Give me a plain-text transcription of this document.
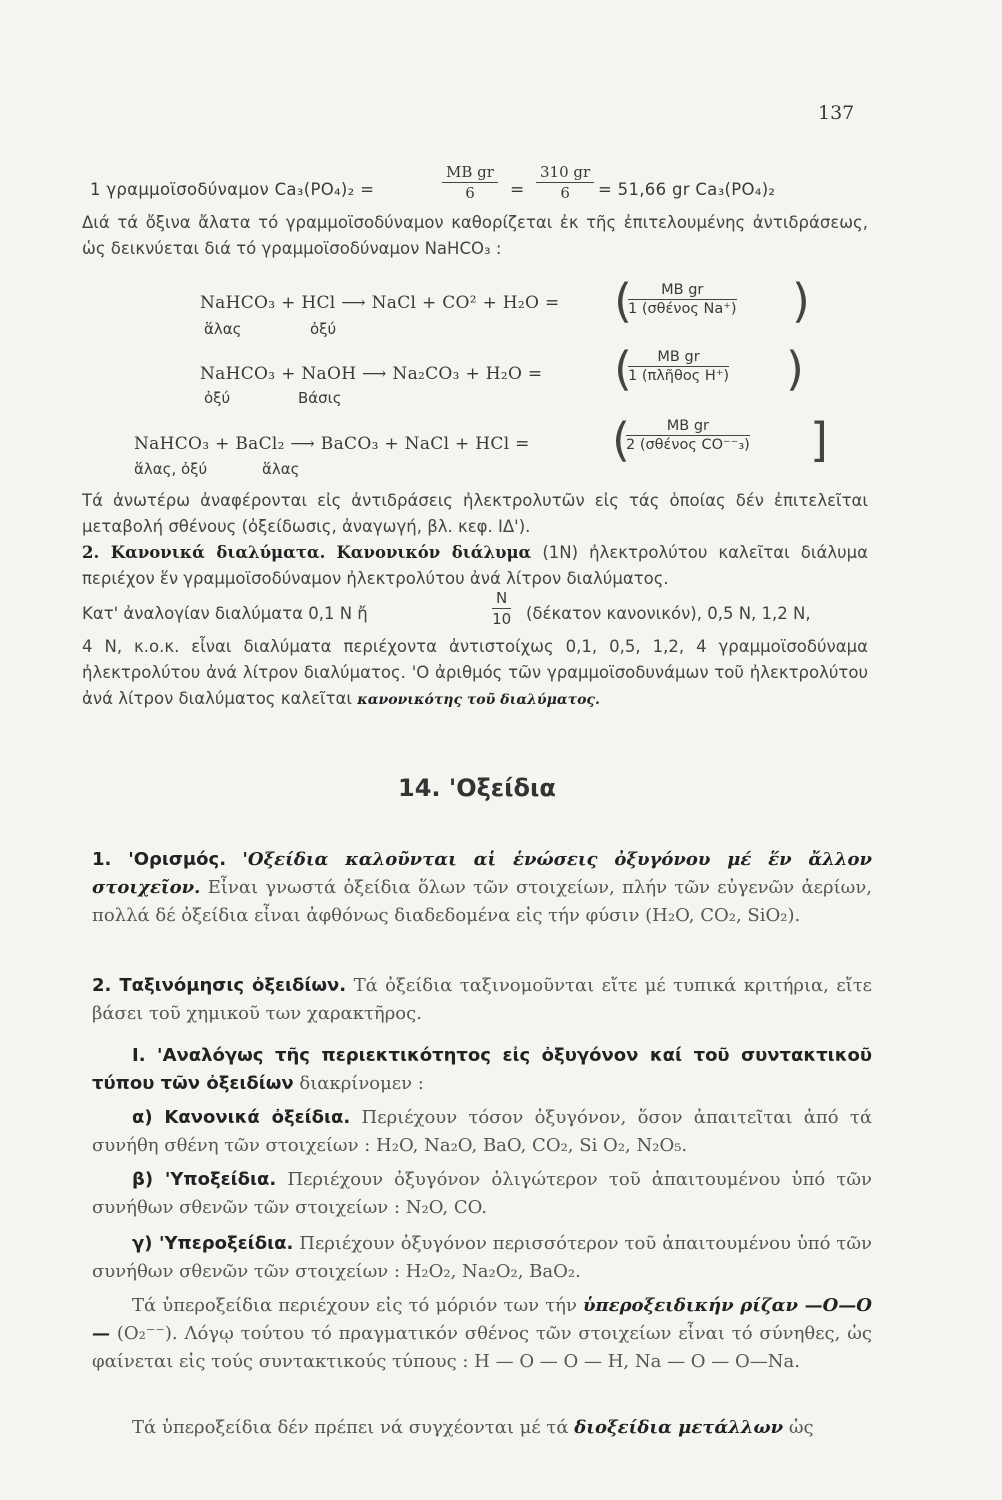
137
1 γραμμοϊσοδύναμον Ca₃(PO₄)₂ =	$\frac{\text{MB gr}}{6} = \frac{310 gr}{6} = 51,66$ gr Ca₃(PO₄)₂
Διά τά ὄξινα ἄλατα τό γραμμοϊσοδύναμον καθορίζεται ἐκ τῆς ἐπιτελουμένης ἀντιδράσεως, ὡς δεικνύεται διά τό γραμμοϊσοδύναμον NaHCO₃ :
NaHCO₃ + HCl ⟶ NaCl + CO² + H₂O = (	MB gr
1 (σθένος Na⁺) )
ἅλας	ὀξύ
NaHCO₃ + NaOH ⟶ Na₂CO₃ + H₂O = (	MB gr
1 (πλῆθος H⁺) )
ὀξύ	Βάσις
NaHCO₃ + BaCl₂ ⟶ BaCO₃ + NaCl + HCl = (	MB gr
2 (σθένος CO⁻⁻₃) ]
ἅλας, ὀξύ	ἅλας
Τά ἀνωτέρω ἀναφέρονται εἰς ἀντιδράσεις ἠλεκτρολυτῶν εἰς τάς ὁποίας δέν ἐπιτελεῖται μεταβολή σθένους (ὀξείδωσις, ἀναγωγή, βλ. κεφ. ΙΔ').
2. Κανονικά διαλύματα. Κανονικόν διάλυμα (1N) ἠλεκτρολύτου καλεῖται διάλυμα περιέχον ἕν γραμμοϊσοδύναμον ἠλεκτρολύτου ἀνά λίτρον διαλύματος.
Κατ' ἀναλογίαν διαλύματα 0,1 N ἤ	$\frac{N}{10} (\delta έ\kappa\alpha\tau o\nu$ κανονικόν), 0,5 N, 1,2 N,
4 N, κ.ο.κ. εἶναι διαλύματα περιέχοντα ἀντιστοίχως 0,1, 0,5, 1,2, 4 γραμμοϊσοδύναμα ἠλεκτρολύτου ἀνά λίτρον διαλύματος. 'Ο ἀριθμός τῶν γραμμοϊσοδυνάμων τοῦ ἠλεκτρολύτου ἀνά λίτρον διαλύματος καλεῖται κανονικότης τοῦ διαλύματος.
14. 'Οξείδια
1. 'Ορισμός. 'Οξείδια καλοῦνται αἱ ἑνώσεις ὀξυγόνου μέ ἕν ἄλλον στοιχεῖον. Εἶναι γνωστά ὀξείδια ὅλων τῶν στοιχείων, πλήν τῶν εὐγενῶν ἀερίων, πολλά δέ ὀξείδια εἶναι ἀφθόνως διαδεδομένα εἰς τήν φύσιν (H₂O, CO₂, SiO₂).
2. Ταξινόμησις ὀξειδίων. Τά ὀξείδια ταξινομοῦνται εἴτε μέ τυπικά κριτήρια, εἴτε βάσει τοῦ χημικοῦ των χαρακτῆρος.
I. 'Αναλόγως τῆς περιεκτικότητος εἰς ὀξυγόνον καί τοῦ συντακτικοῦ τύπου τῶν ὀξειδίων διακρίνομεν :
α) Κανονικά ὀξείδια. Περιέχουν τόσον ὀξυγόνον, ὅσον ἀπαιτεῖται ἀπό τά συνήθη σθένη τῶν στοιχείων : H₂O, Na₂O, BaO, CO₂, Si O₂, N₂O₅.
β) 'Υποξείδια. Περιέχουν ὀξυγόνον ὀλιγώτερον τοῦ ἀπαιτουμένου ὑπό τῶν συνήθων σθενῶν τῶν στοιχείων : N₂O, CO.
γ) 'Υπεροξείδια. Περιέχουν ὀξυγόνον περισσότερον τοῦ ἀπαιτουμένου ὑπό τῶν συνήθων σθενῶν τῶν στοιχείων : H₂O₂, Na₂O₂, BaO₂.
Τά ὑπεροξείδια περιέχουν εἰς τό μόριόν των τήν ὑπεροξειδικήν ρίζαν —O—O— (O₂⁻⁻). Λόγῳ τούτου τό πραγματικόν σθένος τῶν στοιχείων εἶναι τό σύνηθες, ὡς φαίνεται εἰς τούς συντακτικούς τύπους : H — O — O — H, Na — O — O—Na.
Τά ὑπεροξείδια δέν πρέπει νά συγχέονται μέ τά διοξείδια μετάλλων ὡς
